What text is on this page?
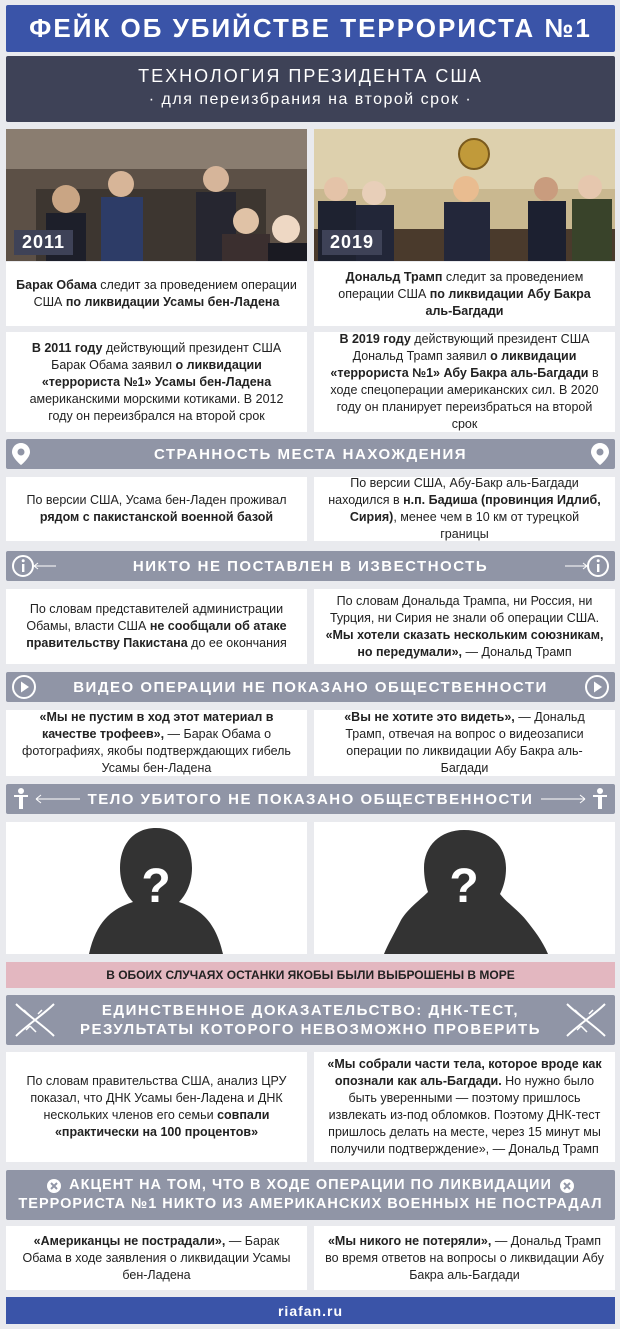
ФЕЙК ОБ УБИЙСТВЕ ТЕРРОРИСТА №1
ТЕХНОЛОГИЯ ПРЕЗИДЕНТА США
· для переизбрания на второй срок ·
2011	2019
Барак Обама следит за проведением операции США по ликвидации Усамы бен-Ладена
Дональд Трамп следит за проведением операции США по ликвидации Абу Бакра аль-Багдади
В 2011 году действующий президент США Барак Обама заявил о ликвидации «террориста №1» Усамы бен-Ладена американскими морскими котиками. В 2012 году он переизбрался на второй срок
В 2019 году действующий президент США Дональд Трамп заявил о ликвидации «террориста №1» Абу Бакра аль-Багдади в ходе спецоперации американских сил. В 2020 году он планирует переизбраться на второй срок
СТРАННОСТЬ МЕСТА НАХОЖДЕНИЯ
По версии США, Усама бен-Ладен проживал рядом с пакистанской военной базой
По версии США, Абу-Бакр аль-Багдади находился в н.п. Бадиша (провинция Идлиб, Сирия), менее чем в 10 км от турецкой границы
НИКТО НЕ ПОСТАВЛЕН В ИЗВЕСТНОСТЬ
По словам представителей администрации Обамы, власти США не сообщали об атаке правительству Пакистана до ее окончания
По словам Дональда Трампа, ни Россия, ни Турция, ни Сирия не знали об операции США. «Мы хотели сказать нескольким союзникам, но передумали», — Дональд Трамп
ВИДЕО ОПЕРАЦИИ НЕ ПОКАЗАНО ОБЩЕСТВЕННОСТИ
«Мы не пустим в ход этот материал в качестве трофеев», — Барак Обама о фотографиях, якобы подтверждающих гибель Усамы бен-Ладена
«Вы не хотите это видеть», — Дональд Трамп, отвечая на вопрос о видеозаписи операции по ликвидации Абу Бакра аль-Багдади
ТЕЛО УБИТОГО НЕ ПОКАЗАНО ОБЩЕСТВЕННОСТИ
?	?
В ОБОИХ СЛУЧАЯХ ОСТАНКИ ЯКОБЫ БЫЛИ ВЫБРОШЕНЫ В МОРЕ
ЕДИНСТВЕННОЕ ДОКАЗАТЕЛЬСТВО: ДНК-ТЕСТ,
РЕЗУЛЬТАТЫ КОТОРОГО НЕВОЗМОЖНО ПРОВЕРИТЬ
По словам правительства США, анализ ЦРУ показал, что ДНК Усамы бен-Ладена и ДНК нескольких членов его семьи совпали «практически на 100 процентов»
«Мы собрали части тела, которое вроде как опознали как аль-Багдади. Но нужно было быть уверенными — поэтому пришлось извлекать из-под обломков. Поэтому ДНК-тест пришлось делать на месте, через 15 минут мы получили подтверждение», — Дональд Трамп
АКЦЕНТ НА ТОМ, ЧТО В ХОДЕ ОПЕРАЦИИ ПО ЛИКВИДАЦИИ
ТЕРРОРИСТА №1 НИКТО ИЗ АМЕРИКАНСКИХ ВОЕННЫХ НЕ ПОСТРАДАЛ
«Американцы не пострадали», — Барак Обама в ходе заявления о ликвидации Усамы бен-Ладена
«Мы никого не потеряли», — Дональд Трамп во время ответов на вопросы о ликвидации Абу Бакра аль-Багдади
riafan.ru
